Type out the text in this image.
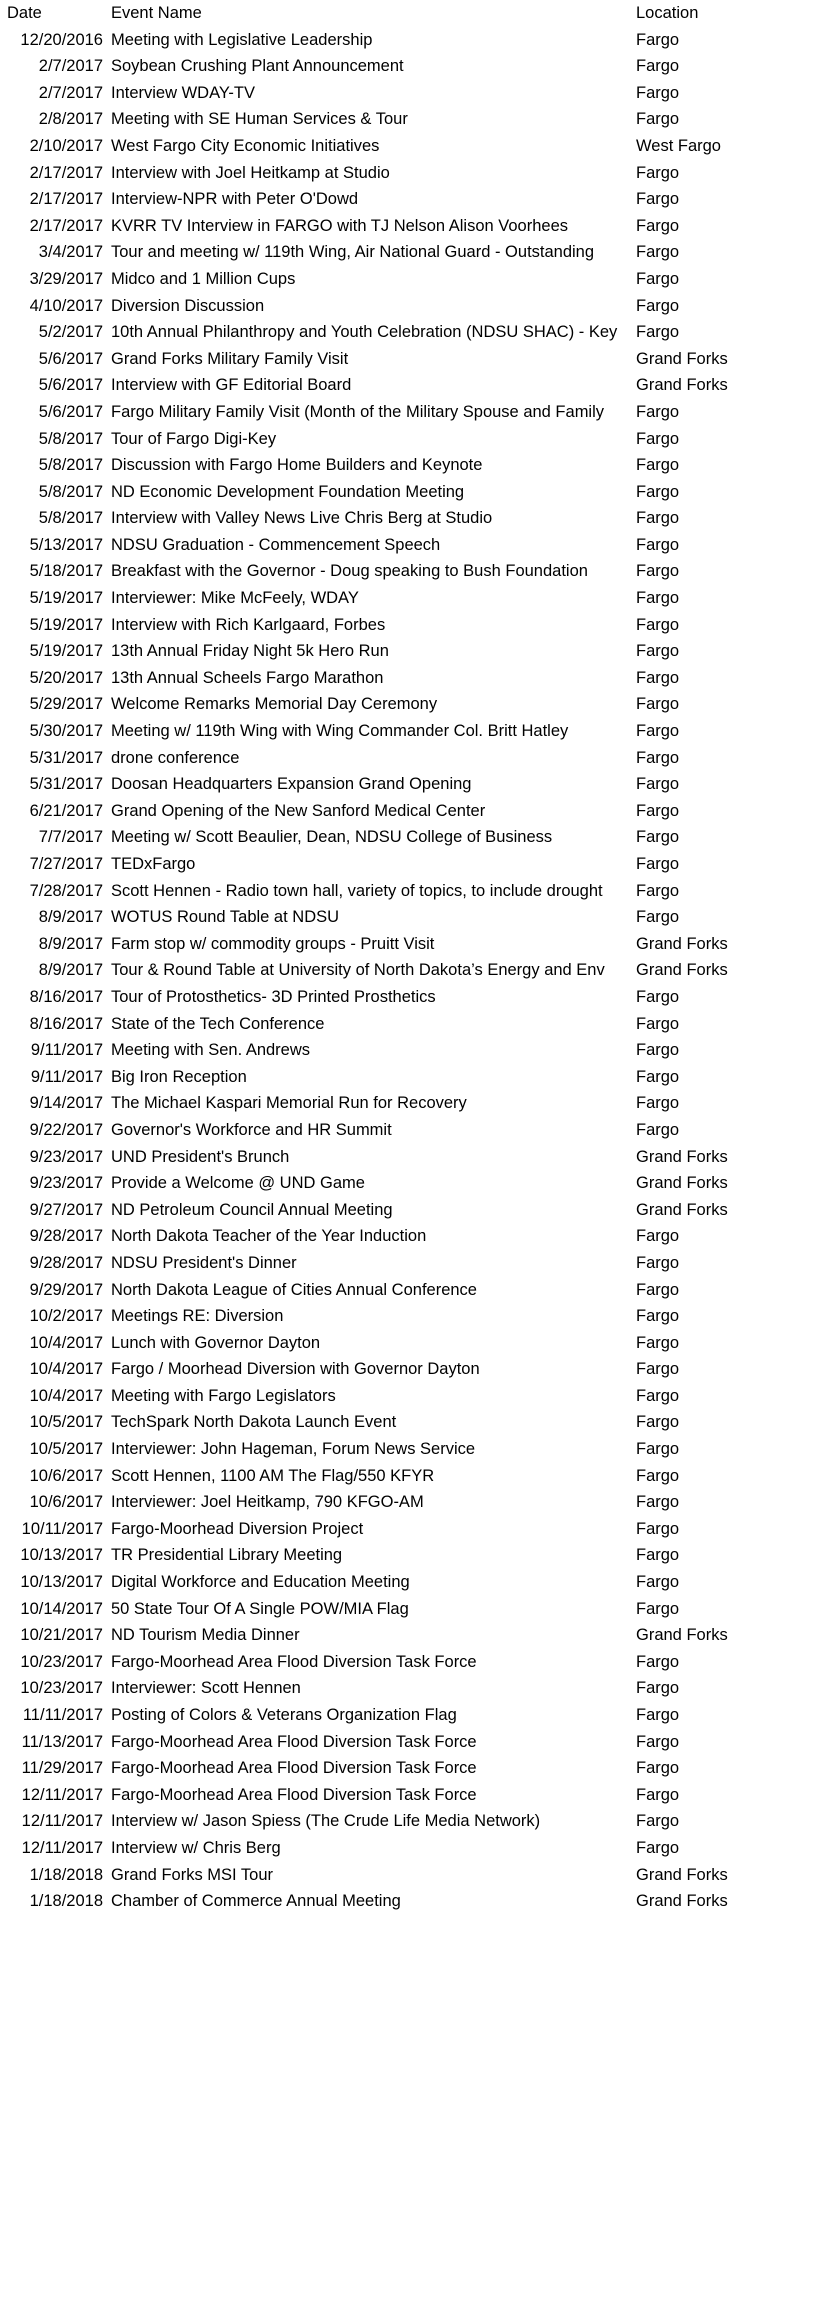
Date	Event Name	Location
12/20/2016 Meeting with Legislative Leadership	Fargo
2/7/2017 Soybean Crushing Plant Announcement	Fargo
2/7/2017 Interview WDAY-TV	Fargo
2/8/2017 Meeting with SE Human Services & Tour	Fargo
2/10/2017 West Fargo City Economic Initiatives	West Fargo
2/17/2017 Interview with Joel Heitkamp at Studio	Fargo
2/17/2017 Interview-NPR with Peter O'Dowd	Fargo
2/17/2017 KVRR TV Interview in FARGO with TJ Nelson Alison Voorhees	Fargo
3/4/2017 Tour and meeting w/ 119th Wing, Air National Guard - Outstanding	Fargo
3/29/2017 Midco and 1 Million Cups	Fargo
4/10/2017 Diversion Discussion	Fargo
5/2/2017 10th Annual Philanthropy and Youth Celebration (NDSU SHAC) - Key	Fargo
5/6/2017 Grand Forks Military Family Visit	Grand Forks
5/6/2017 Interview with GF Editorial Board	Grand Forks
5/6/2017 Fargo Military Family Visit (Month of the Military Spouse and Family	Fargo
5/8/2017 Tour of Fargo Digi-Key	Fargo
5/8/2017 Discussion with Fargo Home Builders and Keynote	Fargo
5/8/2017 ND Economic Development Foundation Meeting	Fargo
5/8/2017 Interview with Valley News Live Chris Berg at Studio	Fargo
5/13/2017 NDSU Graduation - Commencement Speech	Fargo
5/18/2017 Breakfast with the Governor - Doug speaking to Bush Foundation	Fargo
5/19/2017 Interviewer: Mike McFeely, WDAY	Fargo
5/19/2017 Interview with Rich Karlgaard, Forbes	Fargo
5/19/2017 13th Annual Friday Night 5k Hero Run	Fargo
5/20/2017 13th Annual Scheels Fargo Marathon	Fargo
5/29/2017 Welcome Remarks Memorial Day Ceremony	Fargo
5/30/2017 Meeting w/ 119th Wing with Wing Commander Col. Britt Hatley	Fargo
5/31/2017 drone conference	Fargo
5/31/2017 Doosan Headquarters Expansion Grand Opening	Fargo
6/21/2017 Grand Opening of the New Sanford Medical Center	Fargo
7/7/2017 Meeting w/ Scott Beaulier, Dean, NDSU College of Business	Fargo
7/27/2017 TEDxFargo	Fargo
7/28/2017 Scott Hennen - Radio town hall, variety of topics, to include drought	Fargo
8/9/2017 WOTUS Round Table at NDSU	Fargo
8/9/2017 Farm stop w/ commodity groups - Pruitt Visit	Grand Forks
8/9/2017 Tour & Round Table at University of North Dakota’s Energy and Env	Grand Forks
8/16/2017 Tour of Protosthetics- 3D Printed Prosthetics	Fargo
8/16/2017 State of the Tech Conference	Fargo
9/11/2017 Meeting with Sen. Andrews	Fargo
9/11/2017 Big Iron Reception	Fargo
9/14/2017 The Michael Kaspari Memorial Run for Recovery	Fargo
9/22/2017 Governor's Workforce and HR Summit	Fargo
9/23/2017 UND President's Brunch	Grand Forks
9/23/2017 Provide a Welcome @ UND Game	Grand Forks
9/27/2017 ND Petroleum Council Annual Meeting	Grand Forks
9/28/2017 North Dakota Teacher of the Year Induction	Fargo
9/28/2017 NDSU President's Dinner	Fargo
9/29/2017 North Dakota League of Cities Annual Conference	Fargo
10/2/2017 Meetings RE: Diversion	Fargo
10/4/2017 Lunch with Governor Dayton	Fargo
10/4/2017 Fargo / Moorhead Diversion with Governor Dayton	Fargo
10/4/2017 Meeting with Fargo Legislators	Fargo
10/5/2017 TechSpark North Dakota Launch Event	Fargo
10/5/2017 Interviewer: John Hageman, Forum News Service	Fargo
10/6/2017 Scott Hennen, 1100 AM The Flag/550 KFYR	Fargo
10/6/2017 Interviewer: Joel Heitkamp, 790 KFGO-AM	Fargo
10/11/2017 Fargo-Moorhead Diversion Project	Fargo
10/13/2017 TR Presidential Library Meeting	Fargo
10/13/2017 Digital Workforce and Education Meeting	Fargo
10/14/2017 50 State Tour Of A Single POW/MIA Flag	Fargo
10/21/2017 ND Tourism Media Dinner	Grand Forks
10/23/2017 Fargo-Moorhead Area Flood Diversion Task Force	Fargo
10/23/2017 Interviewer: Scott Hennen	Fargo
11/11/2017 Posting of Colors & Veterans Organization Flag	Fargo
11/13/2017 Fargo-Moorhead Area Flood Diversion Task Force	Fargo
11/29/2017 Fargo-Moorhead Area Flood Diversion Task Force	Fargo
12/11/2017 Fargo-Moorhead Area Flood Diversion Task Force	Fargo
12/11/2017 Interview w/ Jason Spiess (The Crude Life Media Network)	Fargo
12/11/2017 Interview w/ Chris Berg	Fargo
1/18/2018 Grand Forks MSI Tour	Grand Forks
1/18/2018 Chamber of Commerce Annual Meeting	Grand Forks
